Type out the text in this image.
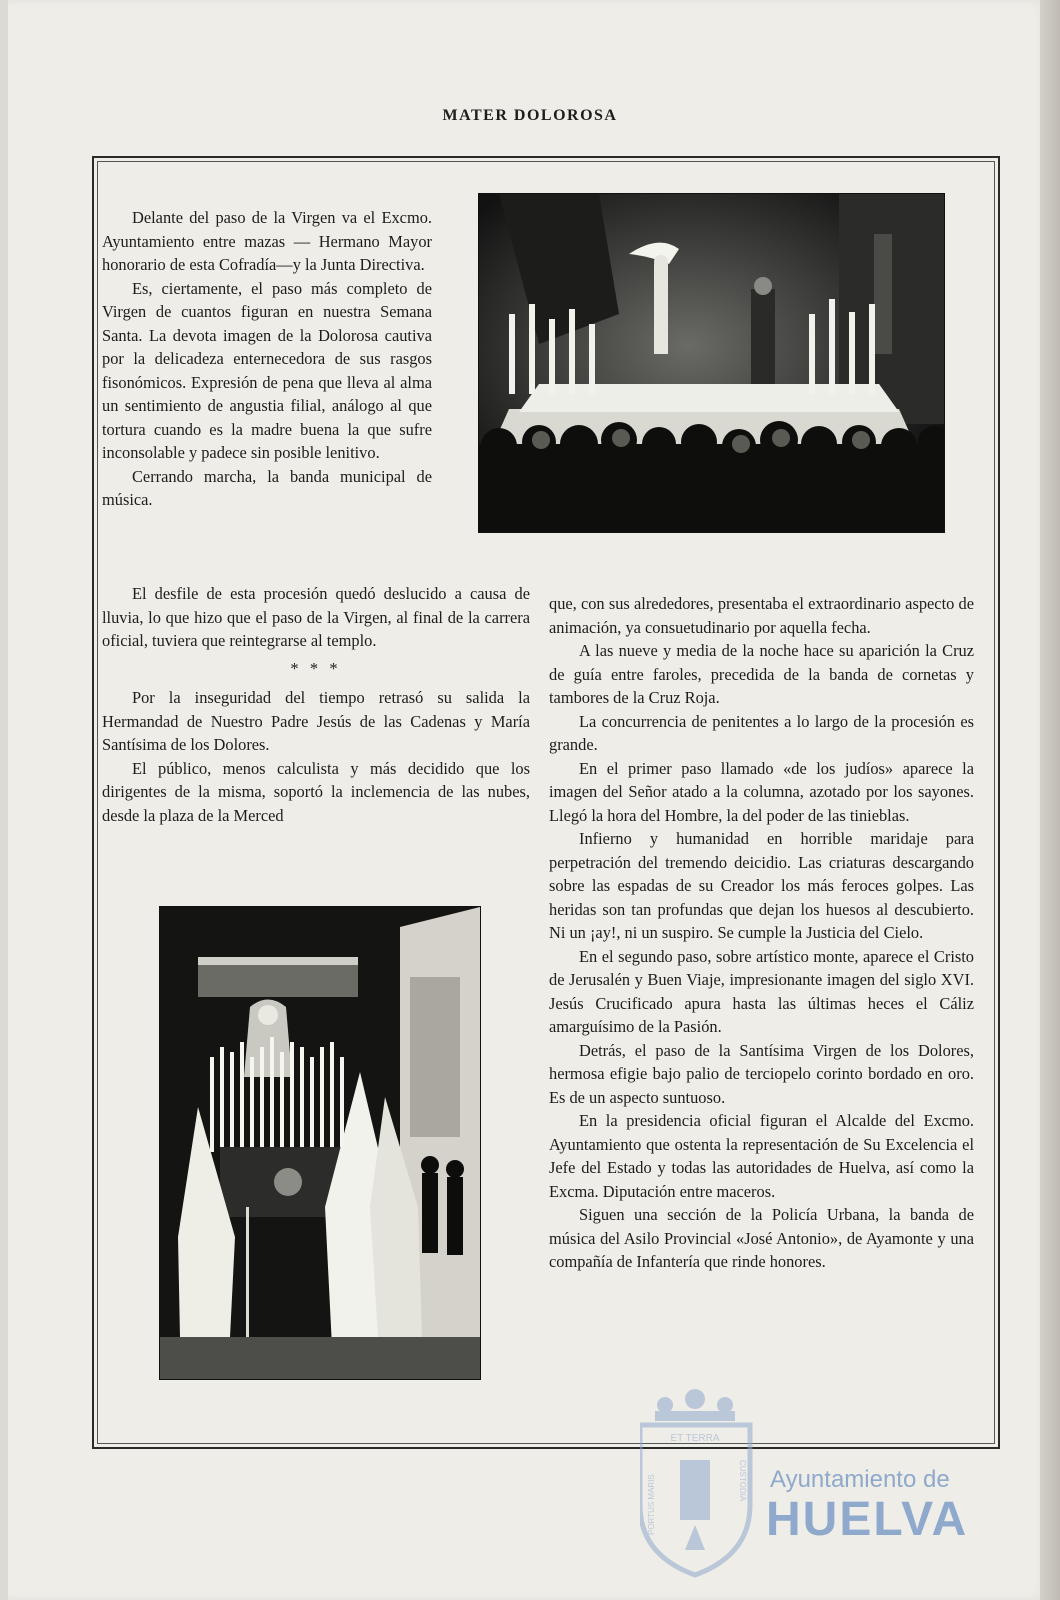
MATER DOLOROSA

Delante del paso de la Virgen va el Excmo. Ayuntamiento entre mazas — Hermano Mayor honorario de esta Cofradía—y la Junta Directiva.

Es, ciertamente, el paso más completo de Virgen de cuantos figuran en nuestra Semana Santa. La devota imagen de la Dolorosa cautiva por la delicadeza enternecedora de sus rasgos fisonómicos. Expresión de pena que lleva al alma un sentimiento de angustia filial, análogo al que tortura cuando es la madre buena la que sufre inconsolable y padece sin posible lenitivo.

Cerrando marcha, la banda municipal de música.

El desfile de esta procesión quedó deslucido a causa de lluvia, lo que hizo que el paso de la Virgen, al final de la carrera oficial, tuviera que reintegrarse al templo.

* * *

Por la inseguridad del tiempo retrasó su salida la Hermandad de Nuestro Padre Jesús de las Cadenas y María Santísima de los Dolores.

El público, menos calculista y más decidido que los dirigentes de la misma, soportó la inclemencia de las nubes, desde la plaza de la Merced

que, con sus alrededores, presentaba el extraordinario aspecto de animación, ya consuetudinario por aquella fecha.

A las nueve y media de la noche hace su aparición la Cruz de guía entre faroles, precedida de la banda de cornetas y tambores de la Cruz Roja.

La concurrencia de penitentes a lo largo de la procesión es grande.

En el primer paso llamado «de los judíos» aparece la imagen del Señor atado a la columna, azotado por los sayones. Llegó la hora del Hombre, la del poder de las tinieblas.

Infierno y humanidad en horrible maridaje para perpetración del tremendo deicidio. Las criaturas descargando sobre las espadas de su Creador los más feroces golpes. Las heridas son tan profundas que dejan los huesos al descubierto. Ni un ¡ay!, ni un suspiro. Se cumple la Justicia del Cielo.

En el segundo paso, sobre artístico monte, aparece el Cristo de Jerusalén y Buen Viaje, impresionante imagen del siglo XVI. Jesús Crucificado apura hasta las últimas heces el Cáliz amarguísimo de la Pasión.

Detrás, el paso de la Santísima Virgen de los Dolores, hermosa efigie bajo palio de terciopelo corinto bordado en oro. Es de un aspecto suntuoso.

En la presidencia oficial figuran el Alcalde del Excmo. Ayuntamiento que ostenta la representación de Su Excelencia el Jefe del Estado y todas las autoridades de Huelva, así como la Excma. Diputación entre maceros.

Siguen una sección de la Policía Urbana, la banda de música del Asilo Provincial «José Antonio», de Ayamonte y una compañía de Infantería que rinde honores.

ET TERRA
PORTUS MARIS	CUSTODIA Ayuntamiento de
HUELVA
